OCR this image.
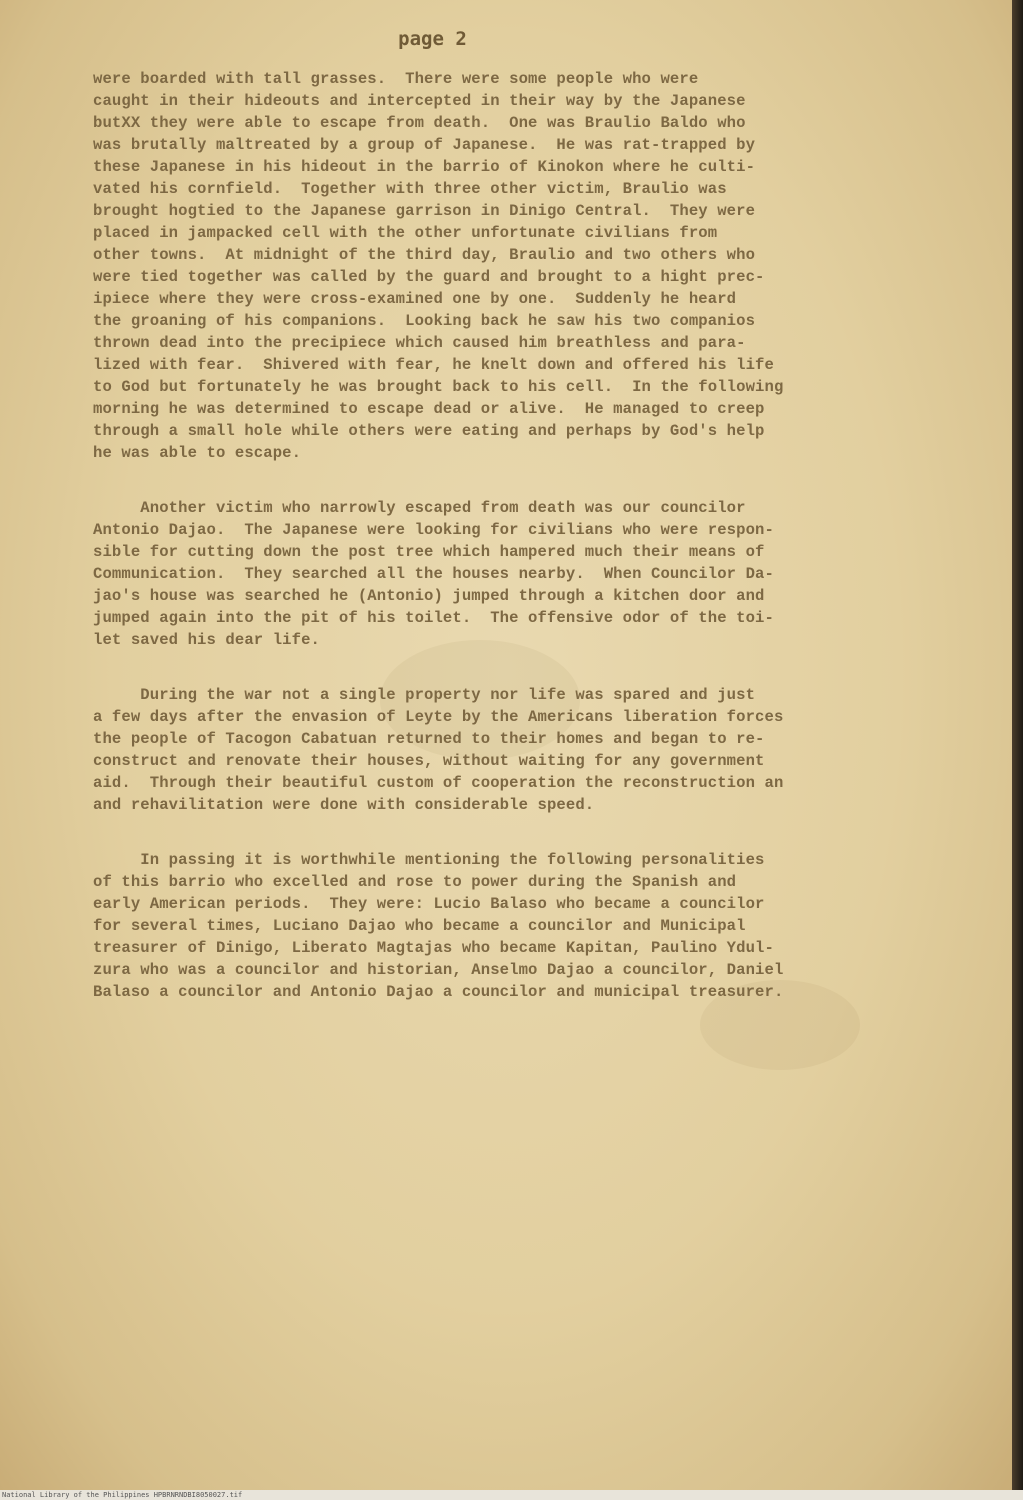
page 2
were boarded with tall grasses.  There were some people who were
caught in their hideouts and intercepted in their way by the Japanese
butXX they were able to escape from death.  One was Braulio Baldo who
was brutally maltreated by a group of Japanese.  He was rat-trapped by
these Japanese in his hideout in the barrio of Kinokon where he culti-
vated his cornfield.  Together with three other victim, Braulio was
brought hogtied to the Japanese garrison in Dinigo Central.  They were
placed in jampacked cell with the other unfortunate civilians from
other towns.  At midnight of the third day, Braulio and two others who
were tied together was called by the guard and brought to a hight prec-
ipiece where they were cross-examined one by one.  Suddenly he heard
the groaning of his companions.  Looking back he saw his two companios
thrown dead into the precipiece which caused him breathless and para-
lized with fear.  Shivered with fear, he knelt down and offered his life
to God but fortunately he was brought back to his cell.  In the following
morning he was determined to escape dead or alive.  He managed to creep
through a small hole while others were eating and perhaps by God's help
he was able to escape.
Another victim who narrowly escaped from death was our councilor
Antonio Dajao.  The Japanese were looking for civilians who were respon-
sible for cutting down the post tree which hampered much their means of
Communication.  They searched all the houses nearby.  When Councilor Da-
jao's house was searched he (Antonio) jumped through a kitchen door and
jumped again into the pit of his toilet.  The offensive odor of the toi-
let saved his dear life.
During the war not a single property nor life was spared and just
a few days after the envasion of Leyte by the Americans liberation forces
the people of Tacogon Cabatuan returned to their homes and began to re-
construct and renovate their houses, without waiting for any government
aid.  Through their beautiful custom of cooperation the reconstruction an
and rehavilitation were done with considerable speed.
In passing it is worthwhile mentioning the following personalities
of this barrio who excelled and rose to power during the Spanish and
early American periods.  They were: Lucio Balaso who became a councilor
for several times, Luciano Dajao who became a councilor and Municipal
treasurer of Dinigo, Liberato Magtajas who became Kapitan, Paulino Ydul-
zura who was a councilor and historian, Anselmo Dajao a councilor, Daniel
Balaso a councilor and Antonio Dajao a councilor and municipal treasurer.
National Library of the Philippines HPBRNRNDBI8050027.tif
